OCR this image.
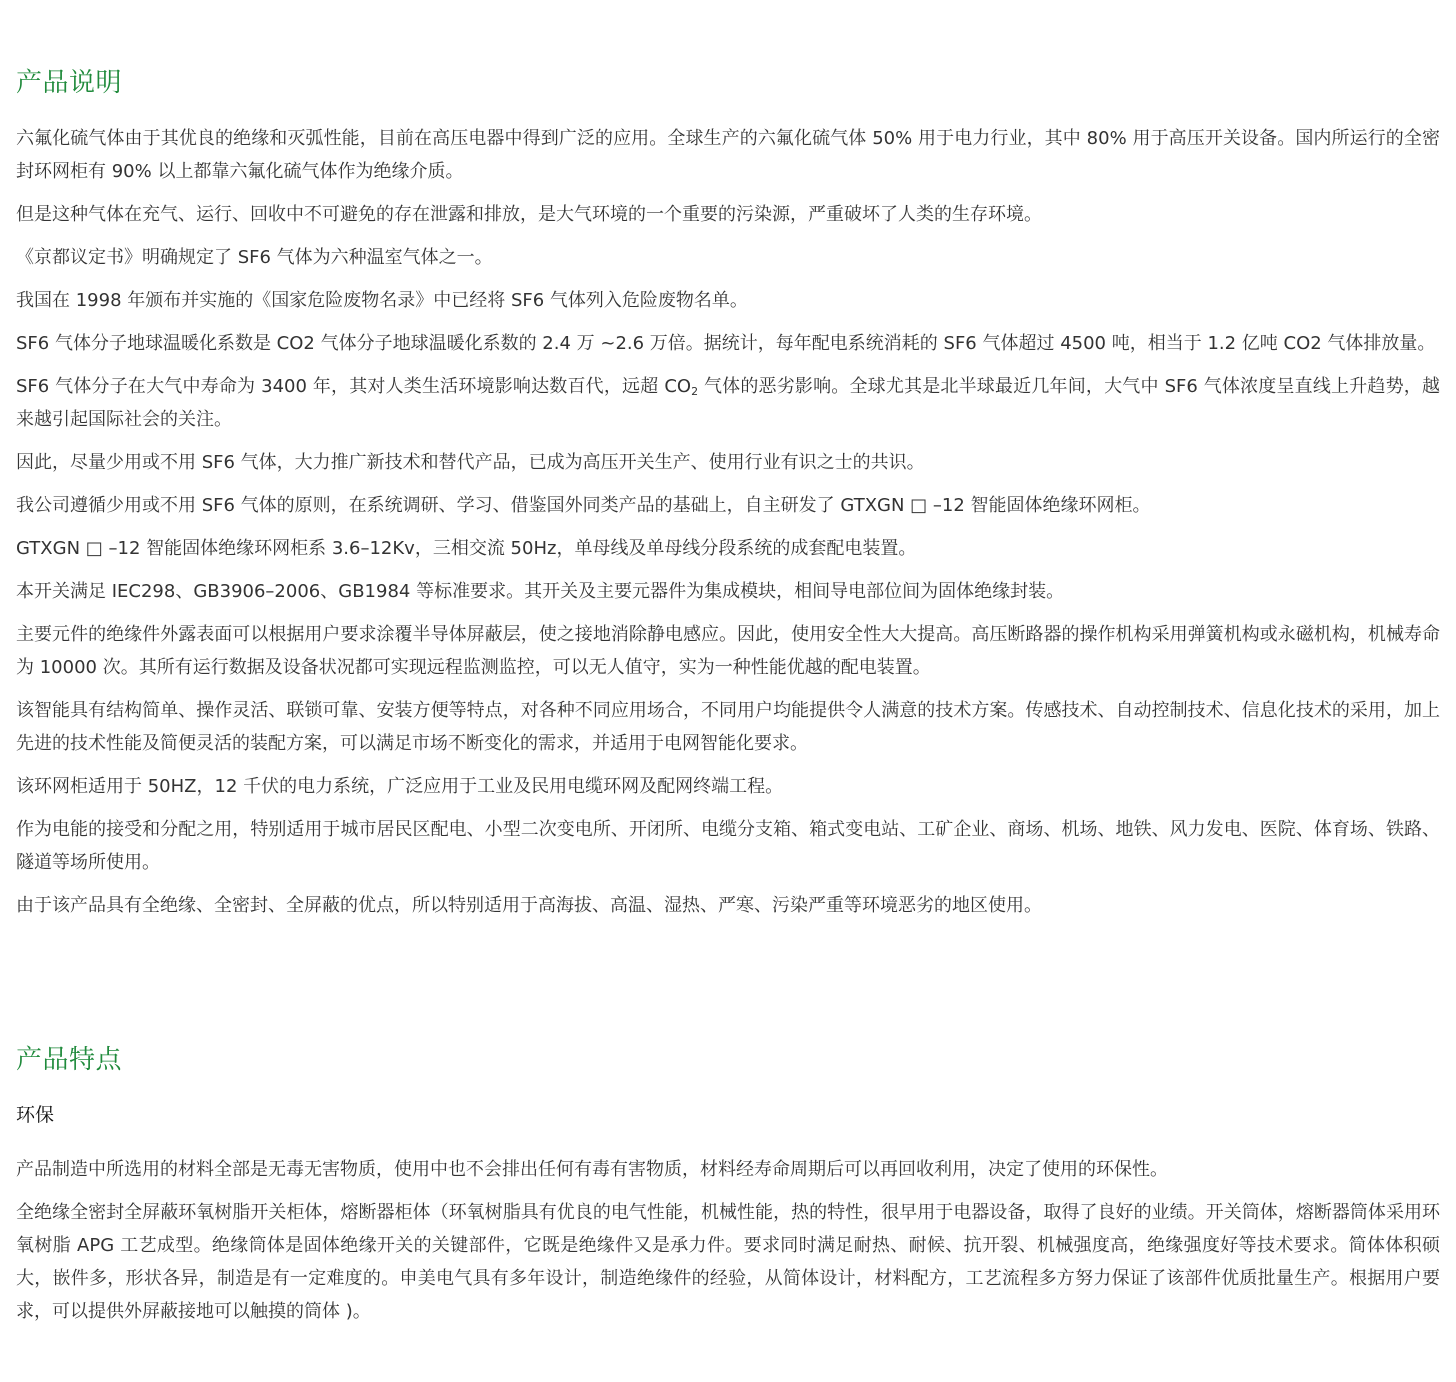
产品说明

六氟化硫气体由于其优良的绝缘和灭弧性能，目前在高压电器中得到广泛的应用。全球生产的六氟化硫气体 50% 用于电力行业，其中 80% 用于高压开关设备。国内所运行的全密封环网柜有 90% 以上都靠六氟化硫气体作为绝缘介质。

但是这种气体在充气、运行、回收中不可避免的存在泄露和排放，是大气环境的一个重要的污染源，严重破坏了人类的生存环境。

《京都议定书》明确规定了 SF6 气体为六种温室气体之一。

我国在 1998 年颁布并实施的《国家危险废物名录》中已经将 SF6 气体列入危险废物名单。

SF6 气体分子地球温暖化系数是 CO2 气体分子地球温暖化系数的 2.4 万 ~2.6 万倍。据统计，每年配电系统消耗的 SF6 气体超过 4500 吨，相当于 1.2 亿吨 CO2 气体排放量。

SF6 气体分子在大气中寿命为 3400 年，其对人类生活环境影响达数百代，远超 $CO_2$ 气体的恶劣影响。全球尤其是北半球最近几年间，大气中 SF6 气体浓度呈直线上升趋势，越来越引起国际社会的关注。

因此，尽量少用或不用 SF6 气体，大力推广新技术和替代产品，已成为高压开关生产、使用行业有识之士的共识。

我公司遵循少用或不用 SF6 气体的原则，在系统调研、学习、借鉴国外同类产品的基础上，自主研发了 GTXGN □ –12 智能固体绝缘环网柜。

GTXGN □ –12 智能固体绝缘环网柜系 3.6–12Kv，三相交流 50Hz，单母线及单母线分段系统的成套配电装置。

本开关满足 IEC298、GB3906–2006、GB1984 等标准要求。其开关及主要元器件为集成模块，相间导电部位间为固体绝缘封装。

主要元件的绝缘件外露表面可以根据用户要求涂覆半导体屏蔽层，使之接地消除静电感应。因此，使用安全性大大提高。高压断路器的操作机构采用弹簧机构或永磁机构，机械寿命为 10000 次。其所有运行数据及设备状况都可实现远程监测监控，可以无人值守，实为一种性能优越的配电装置。

该智能具有结构简单、操作灵活、联锁可靠、安装方便等特点，对各种不同应用场合，不同用户均能提供令人满意的技术方案。传感技术、自动控制技术、信息化技术的采用，加上先进的技术性能及简便灵活的装配方案，可以满足市场不断变化的需求，并适用于电网智能化要求。

该环网柜适用于 50HZ，12 千伏的电力系统，广泛应用于工业及民用电缆环网及配网终端工程。

作为电能的接受和分配之用，特别适用于城市居民区配电、小型二次变电所、开闭所、电缆分支箱、箱式变电站、工矿企业、商场、机场、地铁、风力发电、医院、体育场、铁路、隧道等场所使用。

由于该产品具有全绝缘、全密封、全屏蔽的优点，所以特别适用于高海拔、高温、湿热、严寒、污染严重等环境恶劣的地区使用。

产品特点
环保

产品制造中所选用的材料全部是无毒无害物质，使用中也不会排出任何有毒有害物质，材料经寿命周期后可以再回收利用，决定了使用的环保性。

全绝缘全密封全屏蔽环氧树脂开关柜体，熔断器柜体（环氧树脂具有优良的电气性能，机械性能，热的特性，很早用于电器设备，取得了良好的业绩。开关筒体，熔断器筒体采用环氧树脂 APG 工艺成型。绝缘筒体是固体绝缘开关的关键部件，它既是绝缘件又是承力件。要求同时满足耐热、耐候、抗开裂、机械强度高，绝缘强度好等技术要求。简体体积硕大，嵌件多，形状各异，制造是有一定难度的。申美电气具有多年设计，制造绝缘件的经验，从简体设计，材料配方，工艺流程多方努力保证了该部件优质批量生产。根据用户要求，可以提供外屏蔽接地可以触摸的筒体 )。
